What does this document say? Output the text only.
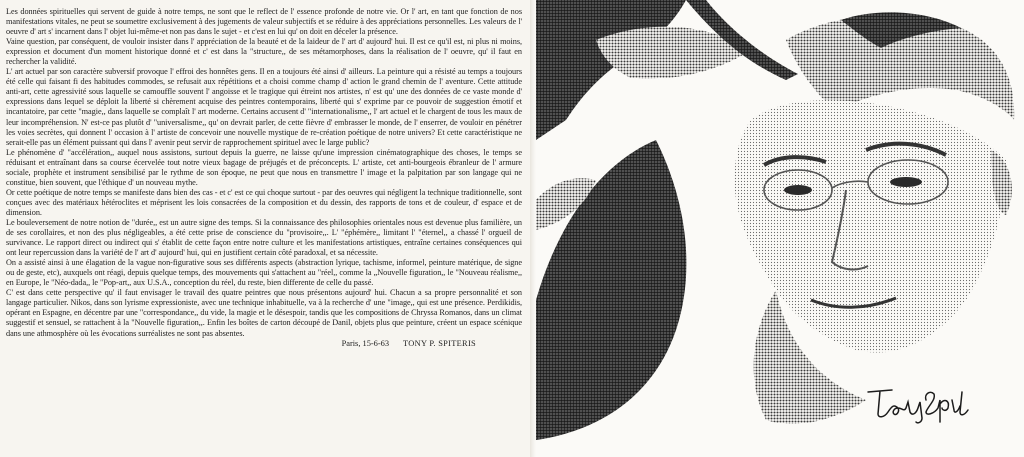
Les données spirituelles qui servent de guide à notre temps, ne sont que le reflect de l' essence profonde de notre vie. Or l' art, en tant que fonction de nos manifestations vitales, ne peut se soumettre exclusivement à des jugements de valeur subjectifs et se réduire à des appréciations personnelles. Les valeurs de l' oeuvre d' art s' incarnent dans l' objet lui-même-et non pas dans le sujet - et c'est en lui qu' on doit en déceler la présence.

Vaine question, par conséquent, de vouloir insister dans l' appréciation de la beauté et de la laideur de l' art d' aujourd' hui. Il est ce qu'il est, ni plus ni moins, expression et document d'un moment historique donné et c' est dans la "structure,, de ses métamorphoses, dans la réalisation de l' oeuvre, qu' il faut en rechercher la validité.

L' art actuel par son caractère subversif provoque l' effroi des honnêtes gens. Il en a toujours été ainsi d' ailleurs. La peinture qui a résisté au temps a toujours été celle qui faisant fi des habitudes commodes, se refusait aux répétitions et a choisi comme champ d' action le grand chemin de l' aventure. Cette attitude anti-art, cette agressivité sous laquelle se camouffle souvent l' angoisse et le tragique qui étreint nos artistes, n' est qu' une des données de ce vaste monde d' expressions dans lequel se déploit la liberté si chèrement acquise des peintres contemporains, liberté qui s' exprime par ce pouvoir de suggestion émotif et incantatoire, par cette "magie,, dans laquelle se complaît l' art moderne. Certains accusent d' "internationalisme,, l' art actuel et le chargent de tous les maux de leur incompréhension. N' est-ce pas plutôt d' "universalisme,, qu' on devrait parler, de cette fièvre d' embrasser le monde, de l' enserrer, de vouloir en pénétrer les voies secrètes, qui donnent l' occasion à l' artiste de concevoir une nouvelle mystique de re-création poétique de notre univers? Et cette caractéristique ne serait-elle pas un élément puissant qui dans l' avenir peut servir de rapprochement spirituel avec le large public?

Le phénomène d' "accélération,, auquel nous assistons, surtout depuis la guerre, ne laisse qu'une impression cinématographique des choses, le temps se réduisant et entraînant dans sa course écervelée tout notre vieux bagage de préjugés et de préconcepts. L' artiste, cet anti-bourgeois ébranleur de l' armure sociale, prophète et instrument sensibilisé par le rythme de son époque, ne peut que nous en transmettre l' image et la palpitation par son langage qui ne constitue, bien souvent, que l'éthique d' un nouveau mythe.

Or cette poétique de notre temps se manifeste dans bien des cas - et c' est ce qui choque surtout - par des oeuvres qui négligent la technique traditionnelle, sont conçues avec des matériaux hétéroclites et méprisent les lois consacrées de la composition et du dessin, des rapports de tons et de couleur, d' espace et de dimension.

Le bouleversement de notre notion de "durée,, est un autre signe des temps. Si la connaissance des philosophies orientales nous est devenue plus familière, un de ses corollaires, et non des plus négligeables, a été cette prise de conscience du "provisoire,,. L' "éphémère,, limitant l' "éternel,, a chassé l' orgueil de survivance. Le rapport direct ou indirect qui s' établit de cette façon entre notre culture et les manifestations artistiques, entraîne certaines conséquences qui ont leur repercussion dans la variété de l' art d' aujourd' hui, qui en justifient certain côté paradoxal, et sa nécessite.

On a assisté ainsi à une élagation de la vague non-figurative sous ses différents aspects (abstraction lyrique, tachisme, informel, peinture matérique, de signe ou de geste, etc), auxquels ont réagi, depuis quelque temps, des mouvements qui s'attachent au "réel,, comme la „Nouvelle figuration,, le "Nouveau réalisme,, en Europe, le "Néo-dada,, le "Pop-art,, aux U.S.A., conception du réel, du reste, bien differente de celle du passé.

C' est dans cette perspective qu' il faut envisager le travail des quatre peintres que nous présentons aujourd' hui. Chacun a sa propre personnalité et son langage particulier. Nikos, dans son lyrisme expressioniste, avec une technique inhabituelle, va à la recherche d' une "image,, qui est une présence. Perdikidis, opérant en Espagne, en décentre par une "correspondance,, du vide, la magie et le désespoir, tandis que les compositions de Chryssa Romanos, dans un climat suggestif et sensuel, se rattachent à la "Nouvelle figuration,,. Enfin les boîtes de carton découpé de Danil, objets plus que peinture, créent un espace scénique dans une athmosphère où les évocations surréalistes ne sont pas absentes.

Paris, 15-6-63 TONY P. SPITERIS
